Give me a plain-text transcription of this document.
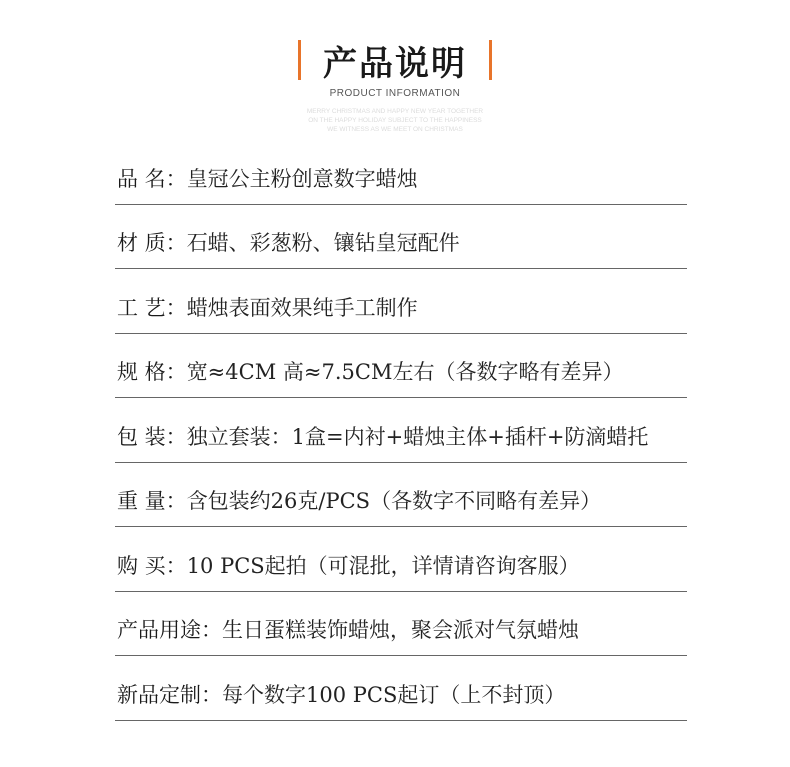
产品说明
PRODUCT INFORMATION
MERRY CHRISTMAS AND HAPPY NEW YEAR TOGETHER
ON THE HAPPY HOLIDAY SUBJECT TO THE HAPPINESS
WE WITNESS AS WE MEET ON CHRISTMAS
品 名：皇冠公主粉创意数字蜡烛
材 质：石蜡、彩葱粉、镶钻皇冠配件
工 艺：蜡烛表面效果纯手工制作
规 格：宽≈4CM 高≈7.5CM左右（各数字略有差异）
包 装：独立套装：1盒=内衬+蜡烛主体+插杆+防滴蜡托
重 量：含包装约26克/PCS（各数字不同略有差异）
购 买：10 PCS起拍（可混批，详情请咨询客服）
产品用途：生日蛋糕装饰蜡烛，聚会派对气氛蜡烛
新品定制：每个数字100 PCS起订（上不封顶）
